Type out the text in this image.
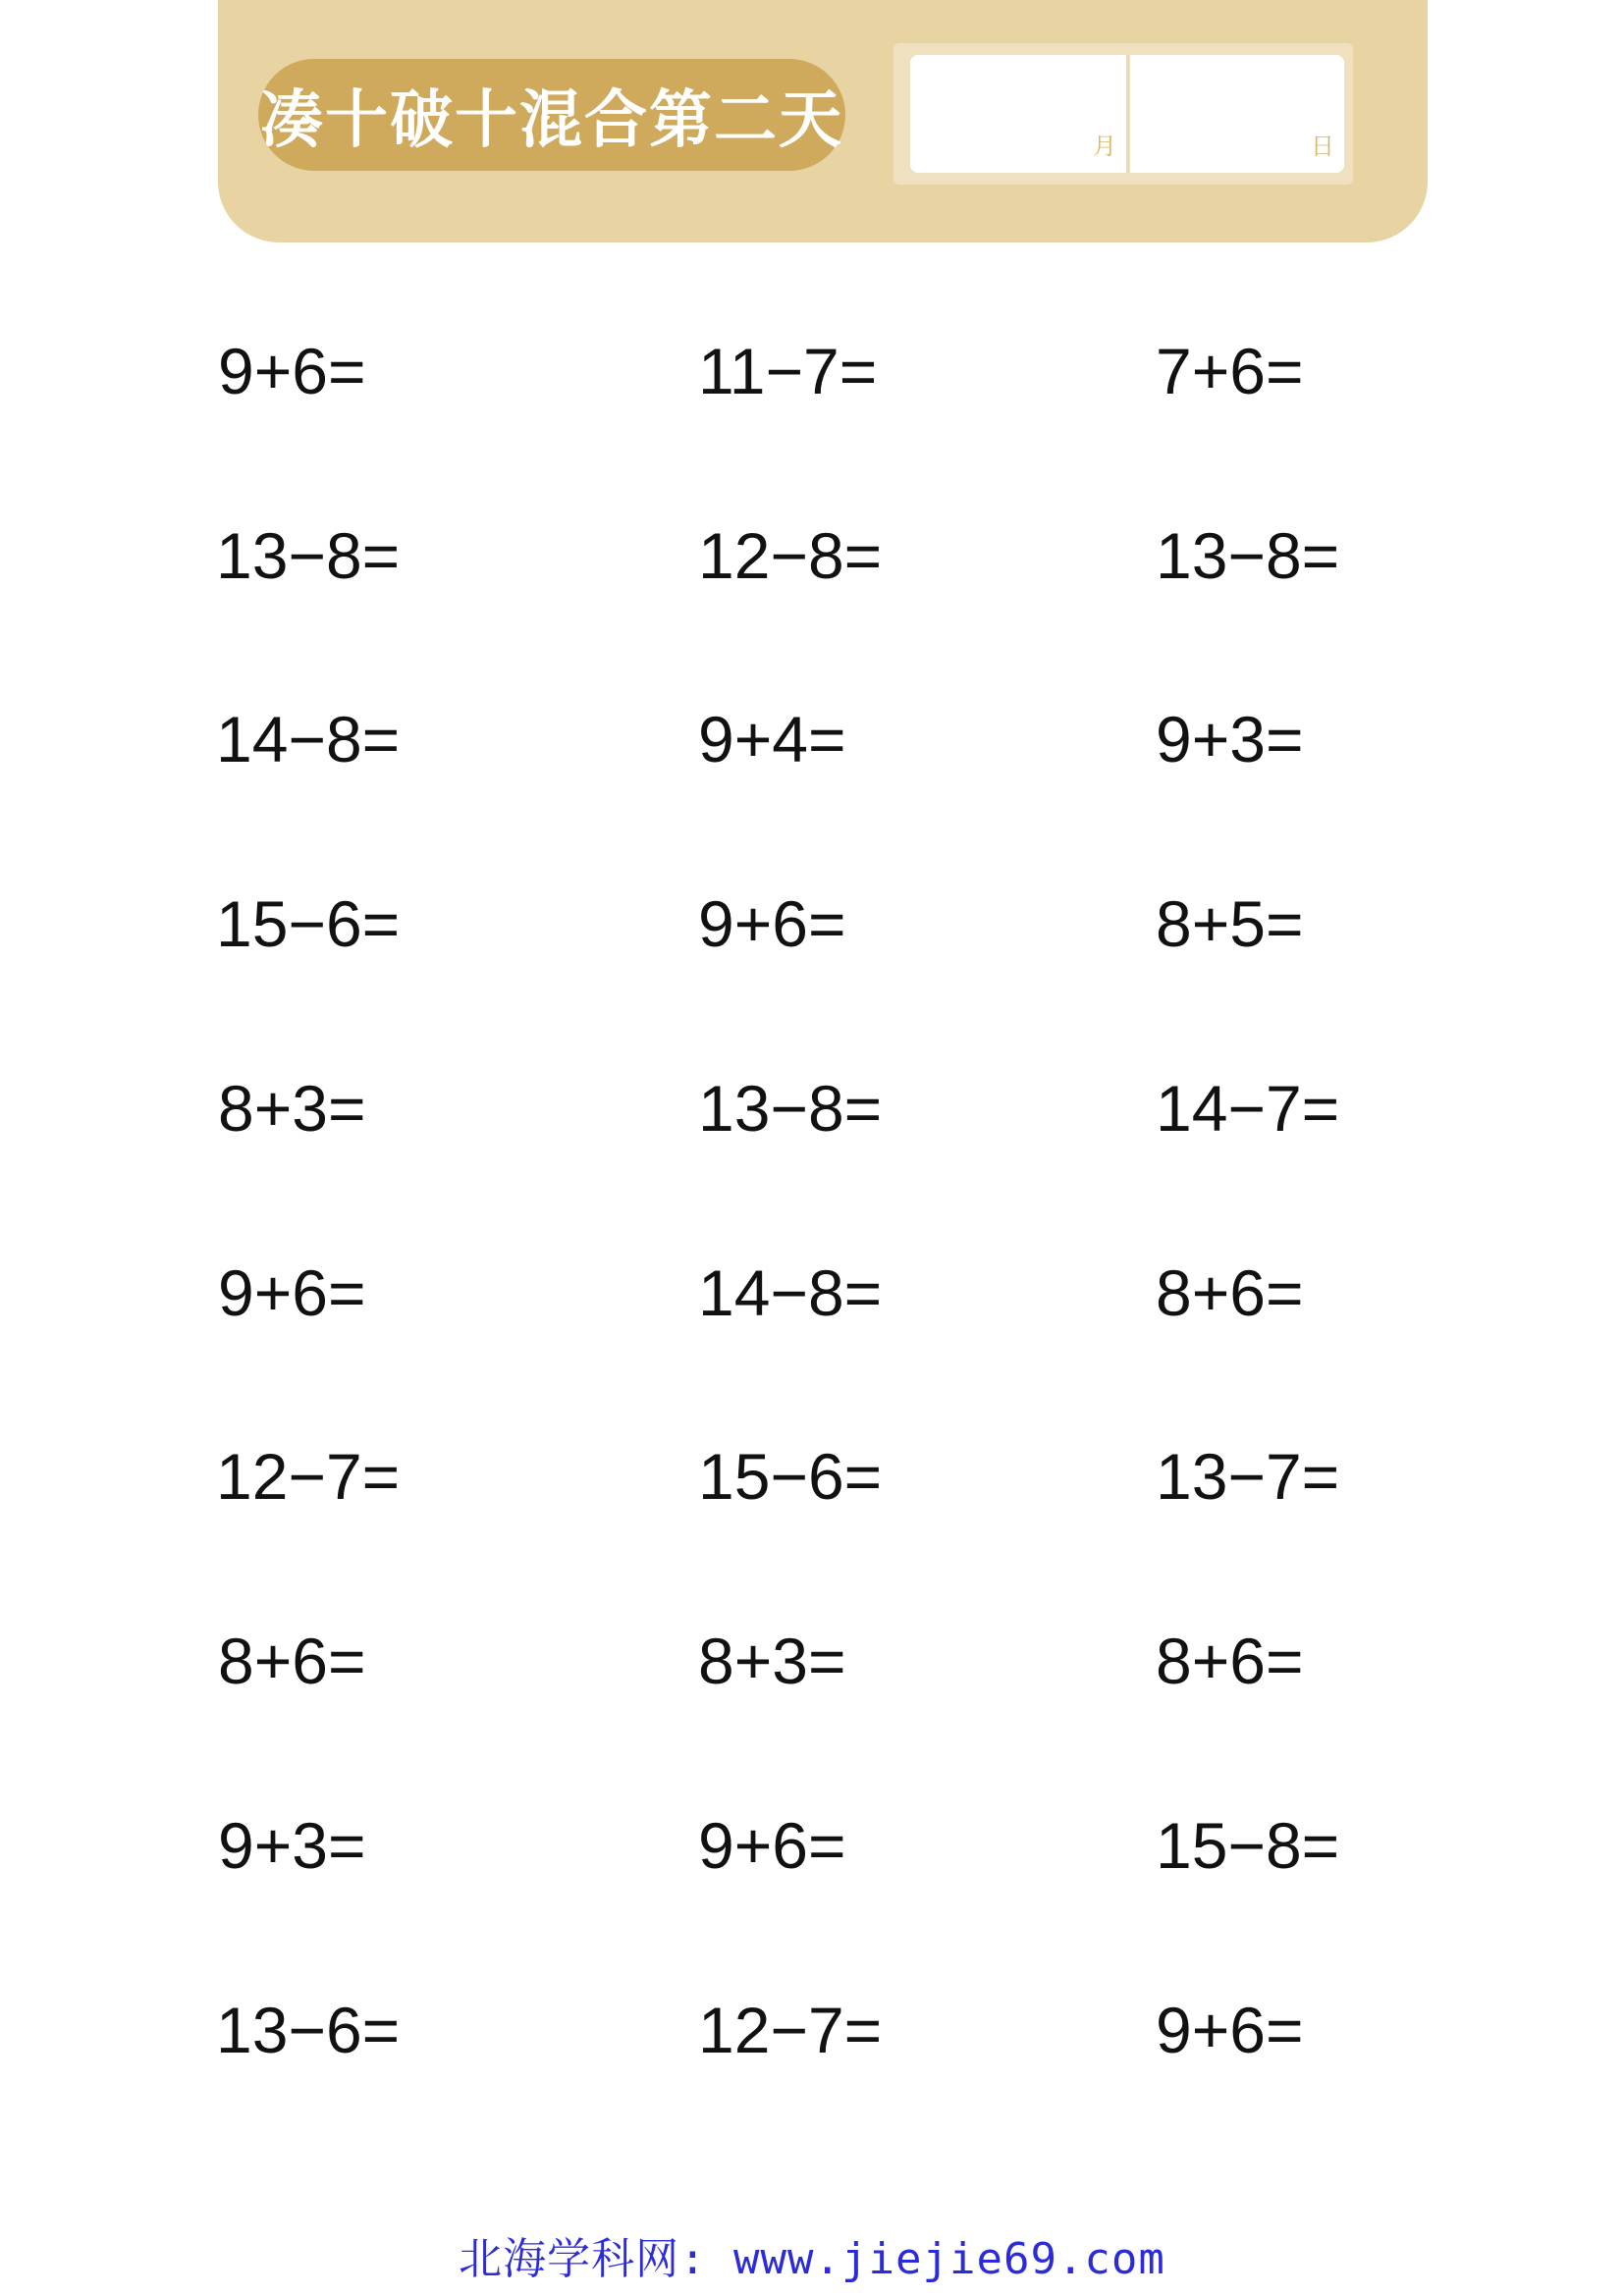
凑十破十混合第二天	月	日
9+6=	11−7=	7+6=
13−8=	12−8=	13−8=
14−8=	9+4=	9+3=
15−6=	9+6=	8+5=
8+3=	13−8=	14−7=
9+6=	14−8=	8+6=
12−7=	15−6=	13−7=
8+6=	8+3=	8+6=
9+3=	9+6=	15−8=
13−6=	12−7=	9+6=
北海学科网: www.jiejie69.com
